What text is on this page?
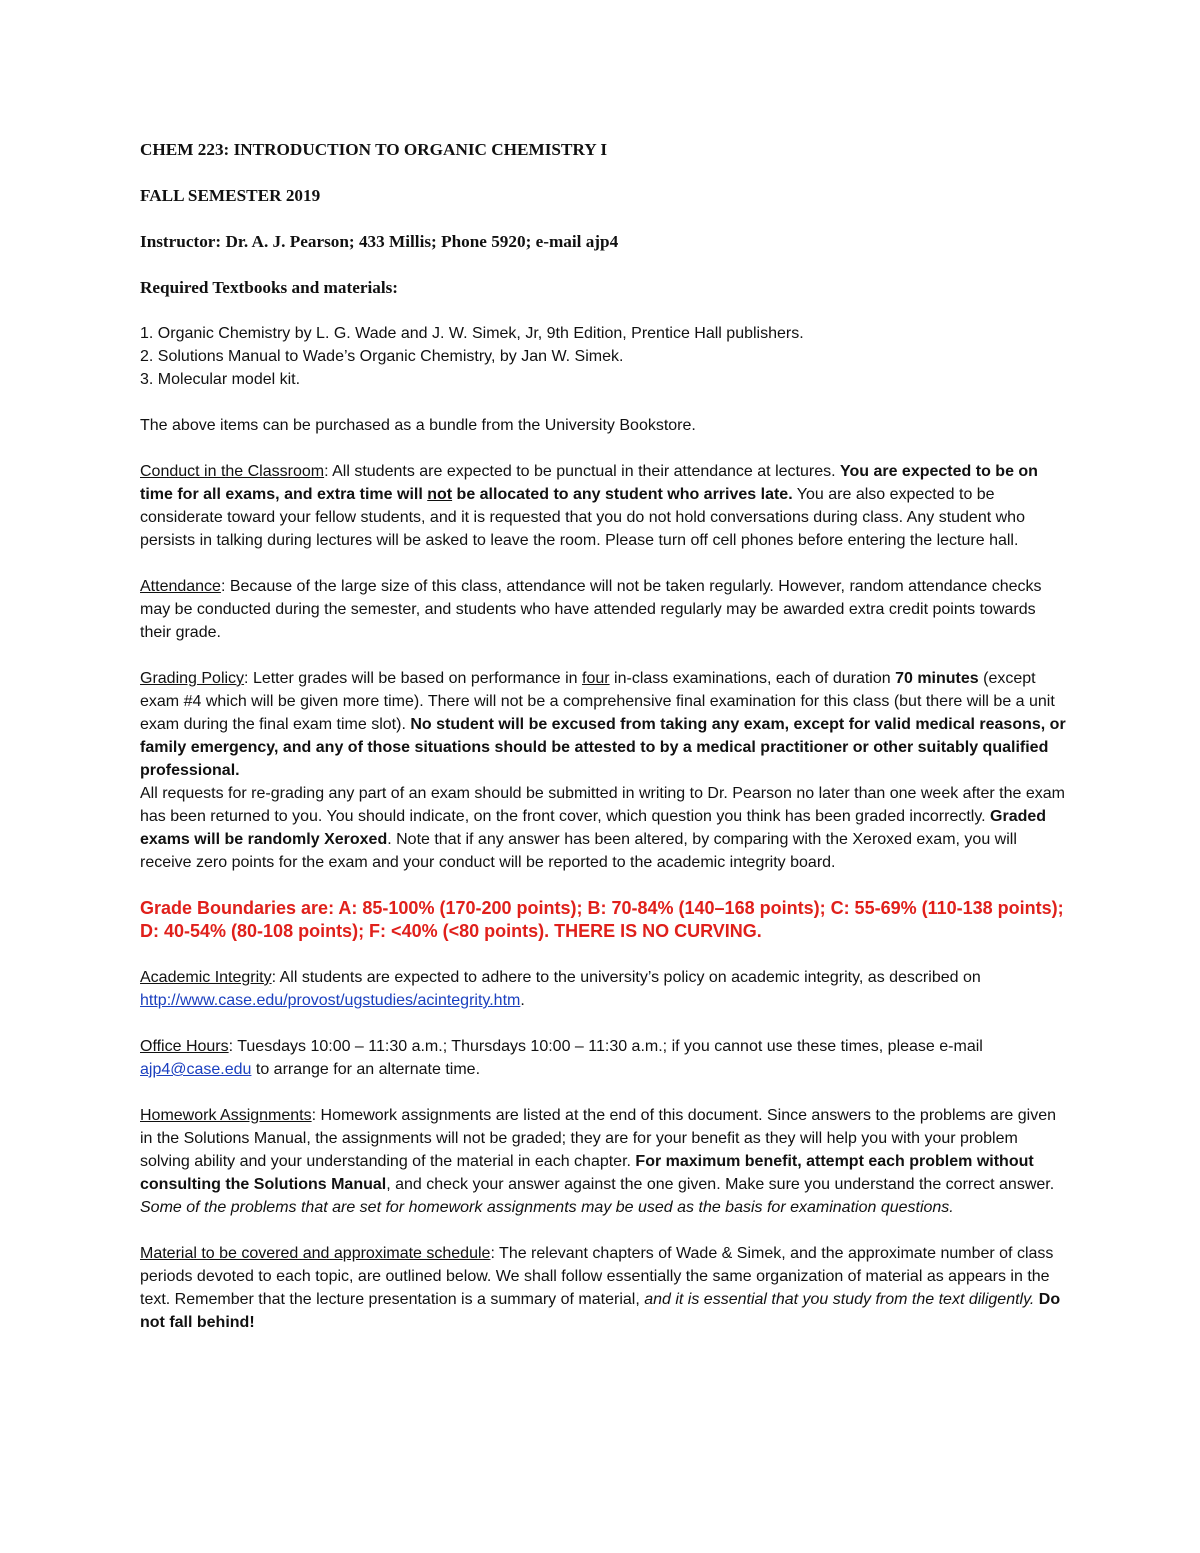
CHEM 223: INTRODUCTION TO ORGANIC CHEMISTRY I

FALL SEMESTER 2019

Instructor: Dr. A. J. Pearson; 433 Millis; Phone 5920; e-mail ajp4

Required Textbooks and materials:

1. Organic Chemistry by L. G. Wade and J. W. Simek, Jr, 9th Edition, Prentice Hall publishers.
2. Solutions Manual to Wade’s Organic Chemistry, by Jan W. Simek.
3. Molecular model kit.

The above items can be purchased as a bundle from the University Bookstore.

Conduct in the Classroom: All students are expected to be punctual in their attendance at lectures. You are expected to be on time for all exams, and extra time will not be allocated to any student who arrives late. You are also expected to be considerate toward your fellow students, and it is requested that you do not hold conversations during class. Any student who persists in talking during lectures will be asked to leave the room. Please turn off cell phones before entering the lecture hall.

Attendance: Because of the large size of this class, attendance will not be taken regularly. However, random attendance checks may be conducted during the semester, and students who have attended regularly may be awarded extra credit points towards their grade.

Grading Policy: Letter grades will be based on performance in four in-class examinations, each of duration 70 minutes (except exam #4 which will be given more time). There will not be a comprehensive final examination for this class (but there will be a unit exam during the final exam time slot). No student will be excused from taking any exam, except for valid medical reasons, or family emergency, and any of those situations should be attested to by a medical practitioner or other suitably qualified professional.
All requests for re-grading any part of an exam should be submitted in writing to Dr. Pearson no later than one week after the exam has been returned to you. You should indicate, on the front cover, which question you think has been graded incorrectly. Graded exams will be randomly Xeroxed. Note that if any answer has been altered, by comparing with the Xeroxed exam, you will receive zero points for the exam and your conduct will be reported to the academic integrity board.

Grade Boundaries are: A: 85-100% (170-200 points); B: 70-84% (140–168 points); C: 55-69% (110-138 points); D: 40-54% (80-108 points); F: <40% (<80 points). THERE IS NO CURVING.

Academic Integrity: All students are expected to adhere to the university’s policy on academic integrity, as described on http://www.case.edu/provost/ugstudies/acintegrity.htm.

Office Hours: Tuesdays 10:00 – 11:30 a.m.; Thursdays 10:00 – 11:30 a.m.; if you cannot use these times, please e-mail ajp4@case.edu to arrange for an alternate time.

Homework Assignments: Homework assignments are listed at the end of this document. Since answers to the problems are given in the Solutions Manual, the assignments will not be graded; they are for your benefit as they will help you with your problem solving ability and your understanding of the material in each chapter. For maximum benefit, attempt each problem without consulting the Solutions Manual, and check your answer against the one given. Make sure you understand the correct answer. Some of the problems that are set for homework assignments may be used as the basis for examination questions.

Material to be covered and approximate schedule: The relevant chapters of Wade & Simek, and the approximate number of class periods devoted to each topic, are outlined below. We shall follow essentially the same organization of material as appears in the text. Remember that the lecture presentation is a summary of material, and it is essential that you study from the text diligently. Do not fall behind!
